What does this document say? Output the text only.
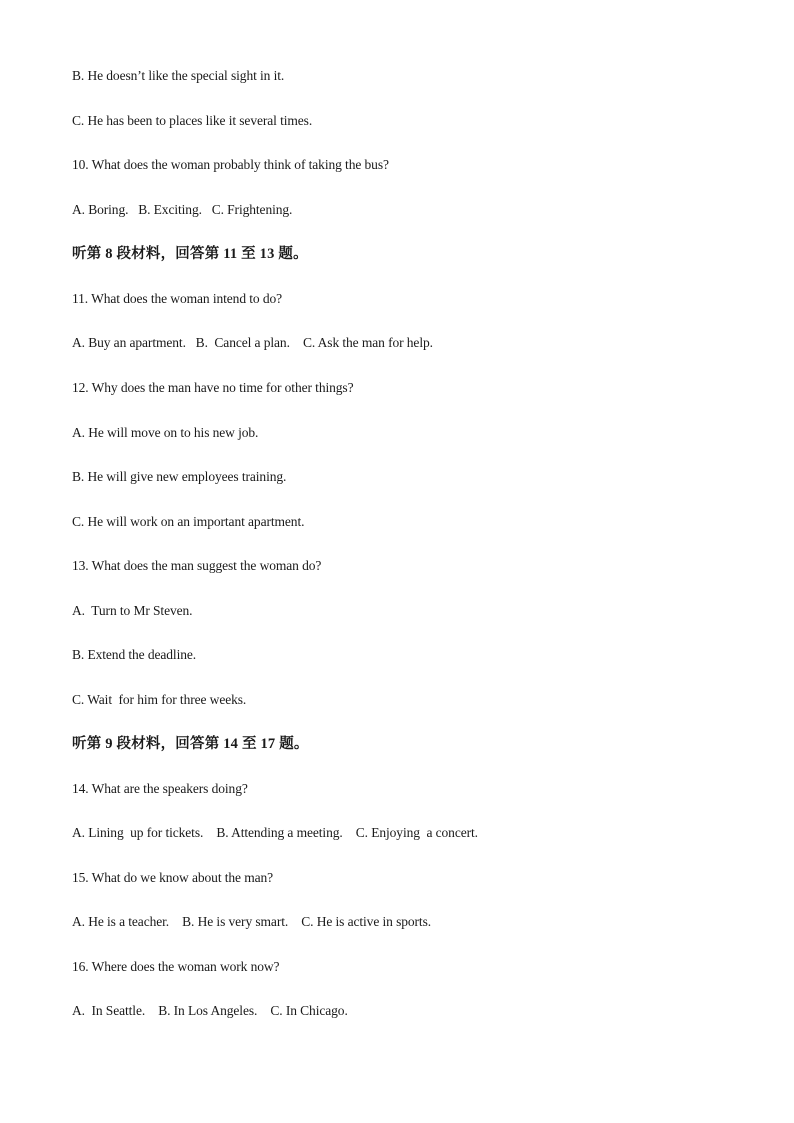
B. He doesn’t like the special sight in it.
C. He has been to places like it several times.
10. What does the woman probably think of taking the bus?
A. Boring.   B. Exciting.   C. Frightening.
听第 8 段材料，回答第 11 至 13 题。
11. What does the woman intend to do?
A. Buy an apartment.   B.  Cancel a plan.    C. Ask the man for help.
12. Why does the man have no time for other things?
A. He will move on to his new job.
B. He will give new employees training.
C. He will work on an important apartment.
13. What does the man suggest the woman do?
A.  Turn to Mr Steven.
B. Extend the deadline.
C. Wait  for him for three weeks.
听第 9 段材料，回答第 14 至 17 题。
14. What are the speakers doing?
A. Lining  up for tickets.    B. Attending a meeting.    C. Enjoying  a concert.
15. What do we know about the man?
A. He is a teacher.    B. He is very smart.    C. He is active in sports.
16. Where does the woman work now?
A.  In Seattle.    B. In Los Angeles.    C. In Chicago.
